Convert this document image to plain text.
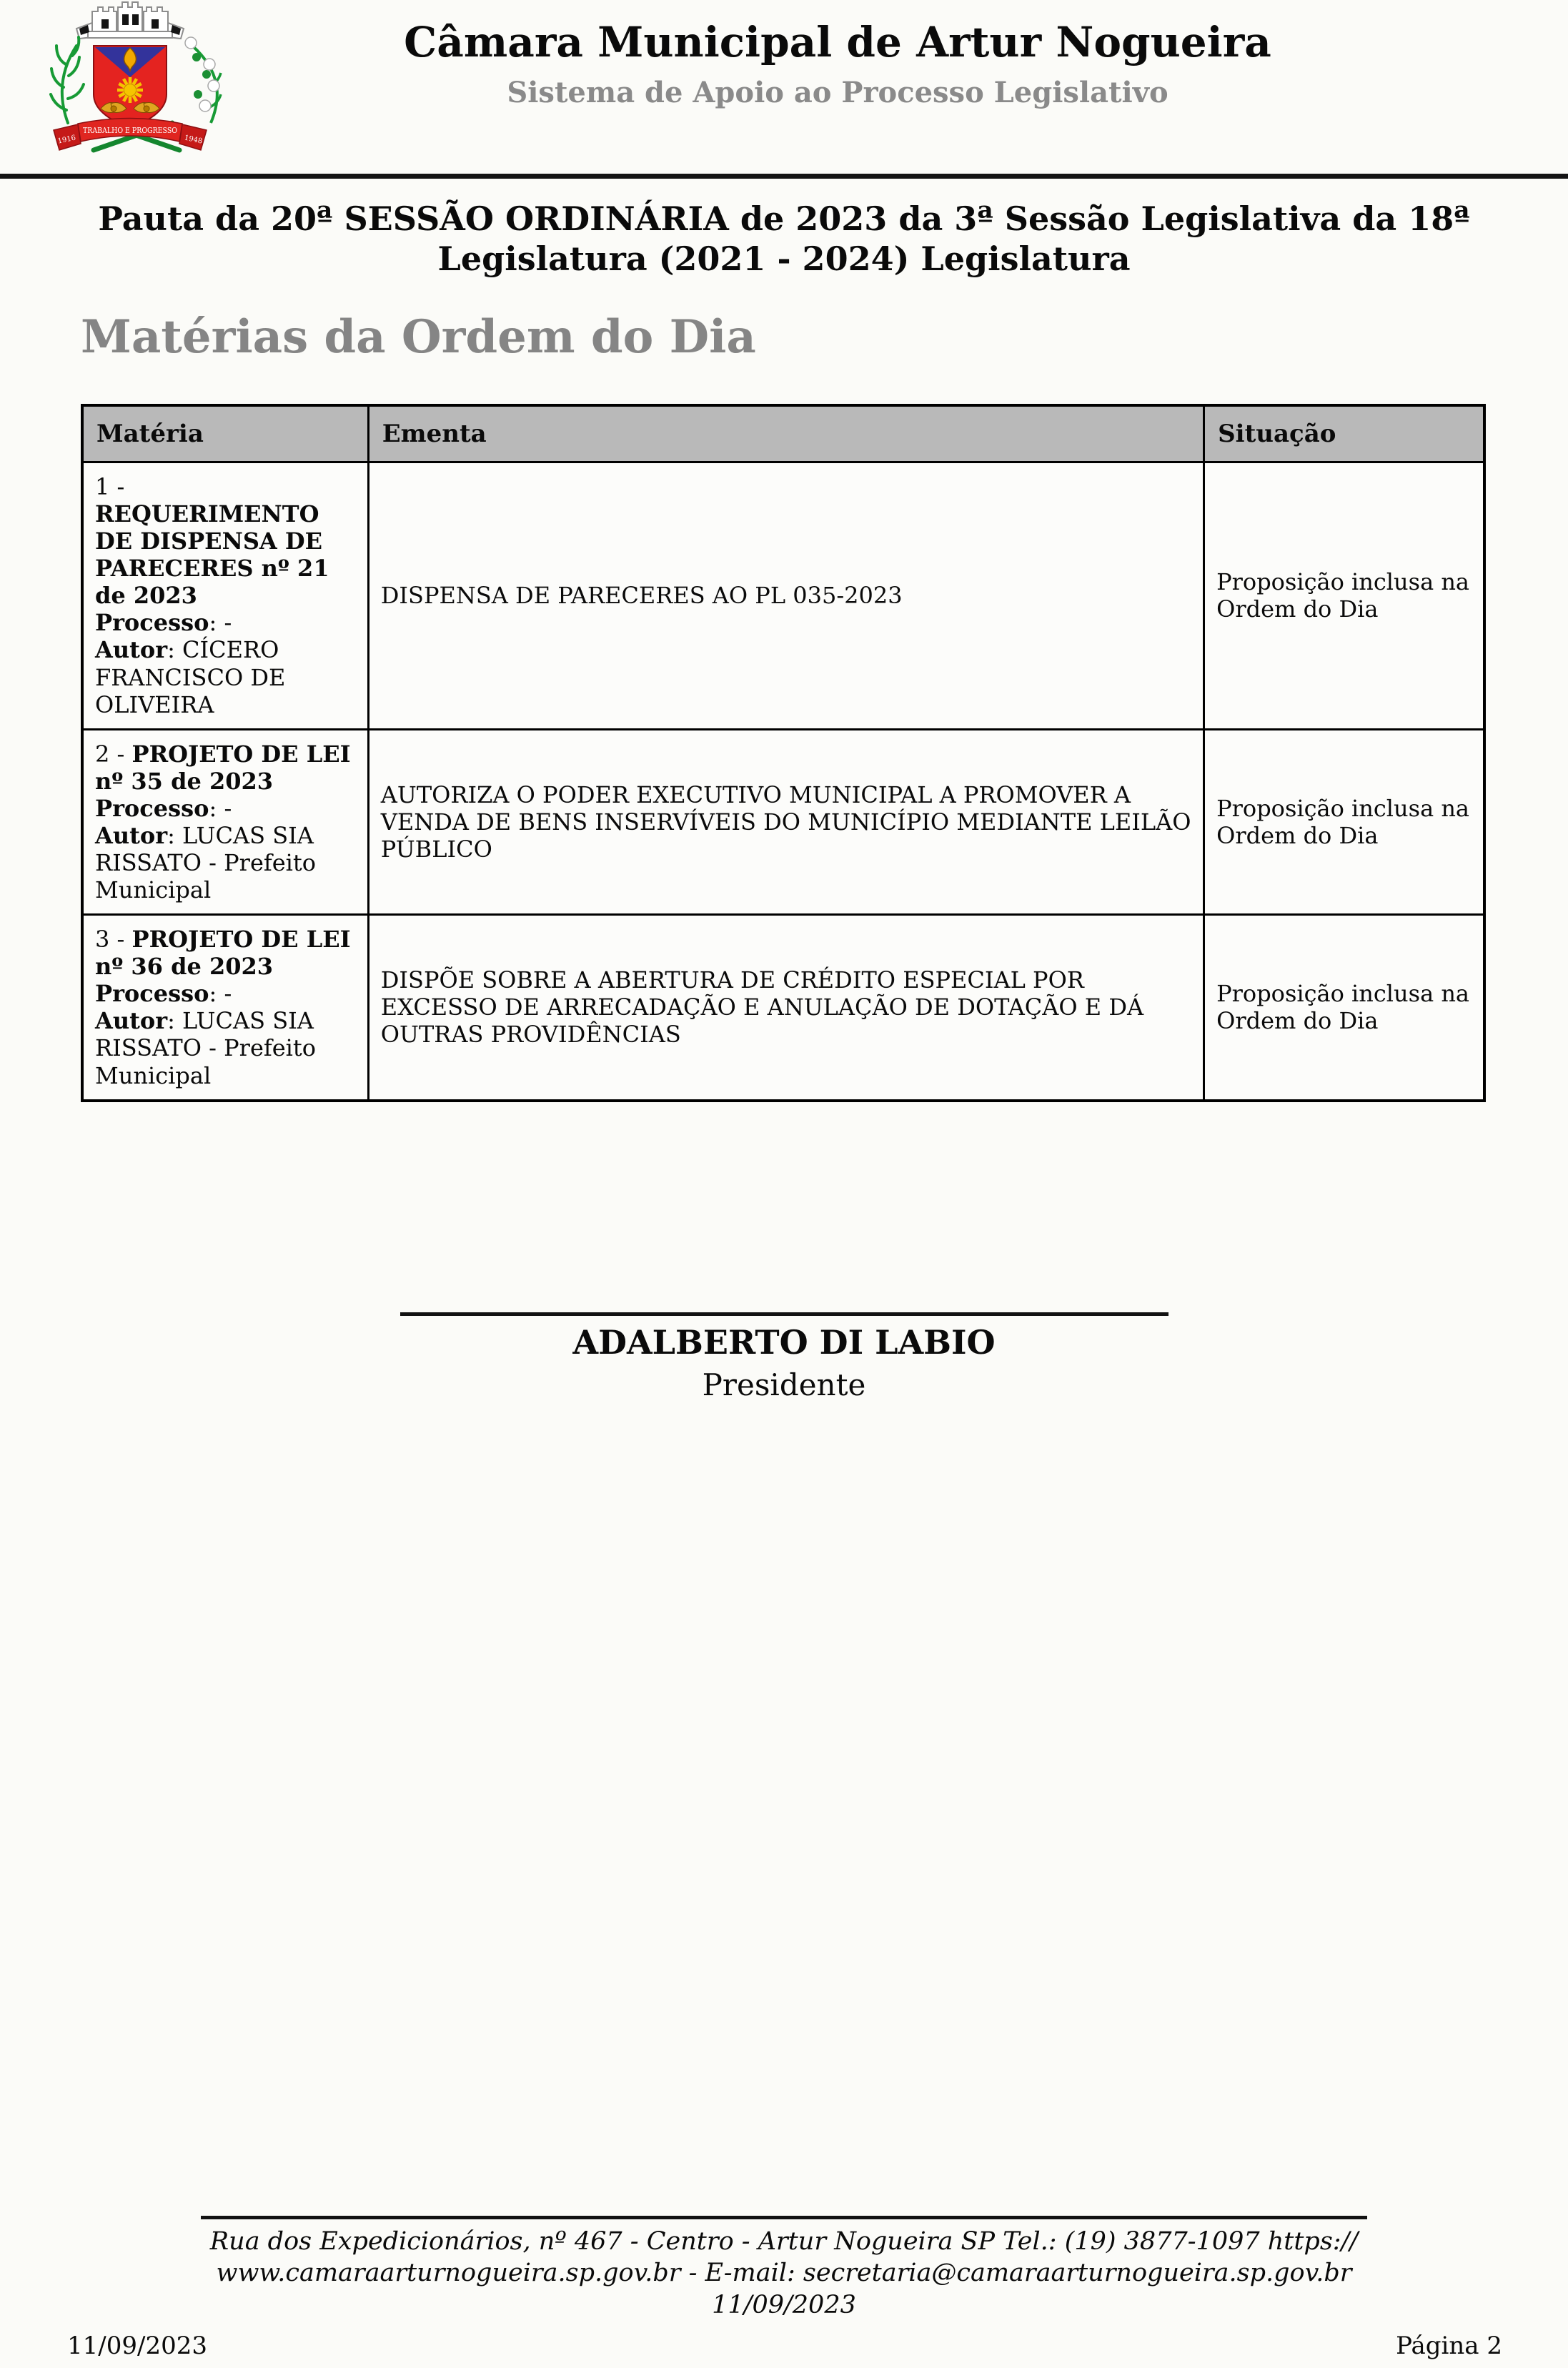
TRABALHO E PROGRESSO
1916	1948
Câmara Municipal de Artur Nogueira
Sistema de Apoio ao Processo Legislativo
Pauta da 20ª SESSÃO ORDINÁRIA de 2023 da 3ª Sessão Legislativa da 18ª Legislatura (2021 - 2024) Legislatura
Matérias da Ordem do Dia
Matéria	Ementa	Situação

1 - REQUERIMENTO DE DISPENSA DE PARECERES nº 21 de 2023
Processo: -
Autor: CÍCERO FRANCISCO DE OLIVEIRA	DISPENSA DE PARECERES AO PL 035-2023	Proposição inclusa na Ordem do Dia

2 - PROJETO DE LEI nº 35 de 2023
Processo: -
Autor: LUCAS SIA RISSATO - Prefeito Municipal	AUTORIZA O PODER EXECUTIVO MUNICIPAL A PROMOVER A VENDA DE BENS INSERVÍVEIS DO MUNICÍPIO MEDIANTE LEILÃO PÚBLICO	Proposição inclusa na Ordem do Dia

3 - PROJETO DE LEI nº 36 de 2023
Processo: -
Autor: LUCAS SIA RISSATO - Prefeito Municipal	DISPÕE SOBRE A ABERTURA DE CRÉDITO ESPECIAL POR EXCESSO DE ARRECADAÇÃO E ANULAÇÃO DE DOTAÇÃO E DÁ OUTRAS PROVIDÊNCIAS	Proposição inclusa na Ordem do Dia
ADALBERTO DI LABIO
Presidente
Rua dos Expedicionários, nº 467 - Centro - Artur Nogueira SP Tel.: (19) 3877-1097 https://
www.camaraarturnogueira.sp.gov.br - E-mail: secretaria@camaraarturnogueira.sp.gov.br
11/09/2023
11/09/2023	Página 2
